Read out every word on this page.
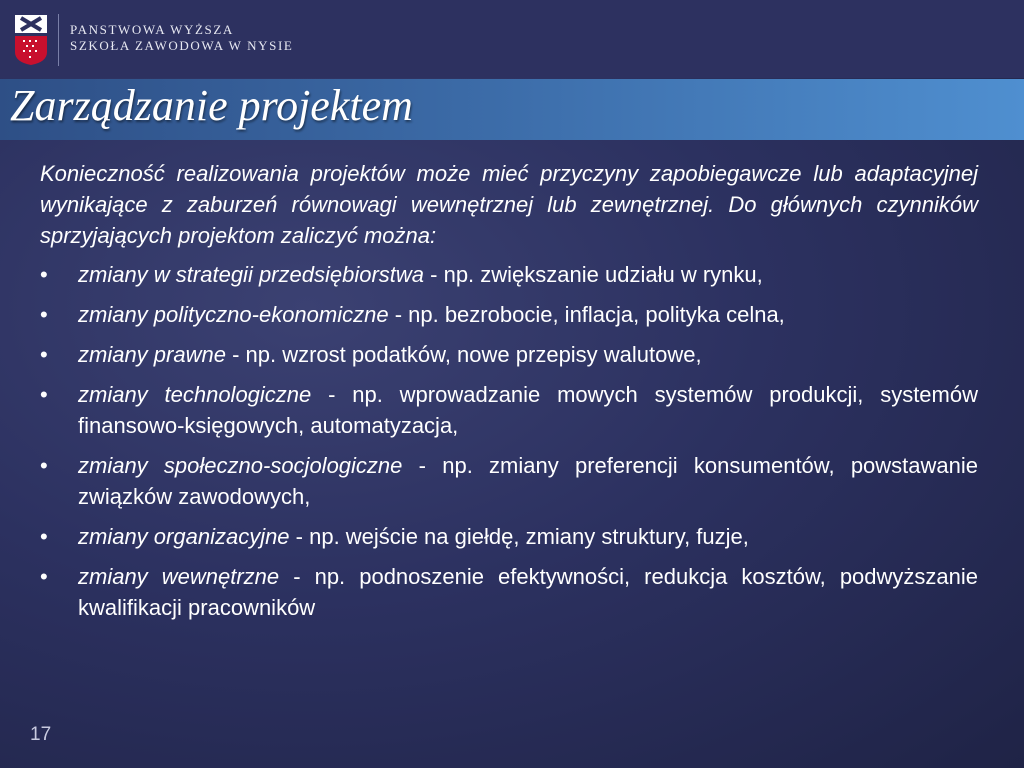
PANSTWOWA WYŻSZA
SZKOŁA ZAWODOWA W NYSIE
Zarządzanie projektem

Konieczność realizowania projektów może mieć przyczyny zapobiegawcze lub adaptacyjnej wynikające z zaburzeń równowagi wewnętrznej lub zewnętrznej. Do głównych czynników sprzyjających projektom zaliczyć można:

• zmiany w strategii przedsiębiorstwa - np. zwiększanie udziału w rynku,
• zmiany polityczno-ekonomiczne - np. bezrobocie, inflacja, polityka celna,
• zmiany prawne - np. wzrost podatków, nowe przepisy walutowe,
• zmiany technologiczne - np. wprowadzanie mowych systemów produkcji, systemów finansowo-księgowych, automatyzacja,
• zmiany społeczno-socjologiczne - np. zmiany preferencji konsumentów, powstawanie związków zawodowych,
• zmiany organizacyjne - np. wejście na giełdę, zmiany struktury, fuzje,
• zmiany wewnętrzne - np. podnoszenie efektywności, redukcja kosztów, podwyższanie kwalifikacji pracowników
17
